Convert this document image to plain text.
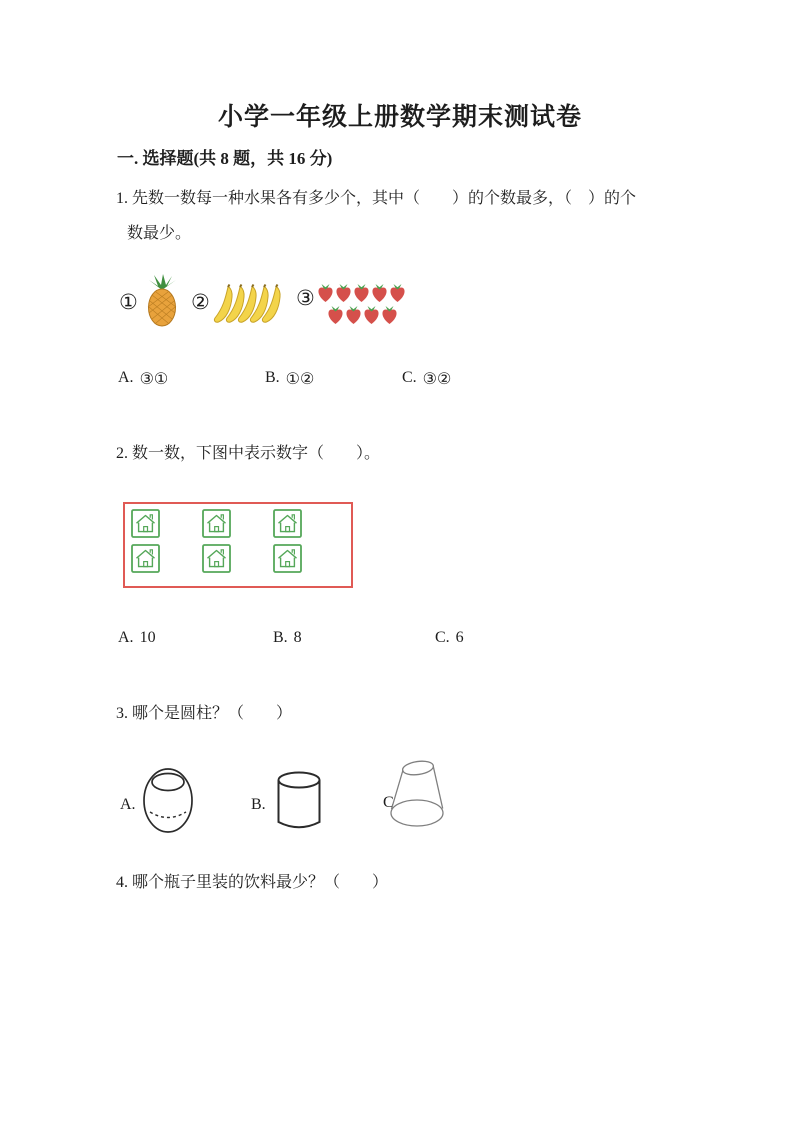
小学一年级上册数学期末测试卷
一. 选择题(共 8 题，共 16 分)
1. 先数一数每一种水果各有多少个，其中（　　）的个数最多，（　）的个
数最少。
①	②	③
A. ③①	B. ①②	C. ③②
2. 数一数，下图中表示数字（　　）。
A. 10	B. 8	C. 6
3. 哪个是圆柱？（　　）
A.	B.	C
4. 哪个瓶子里装的饮料最少？（　　）
